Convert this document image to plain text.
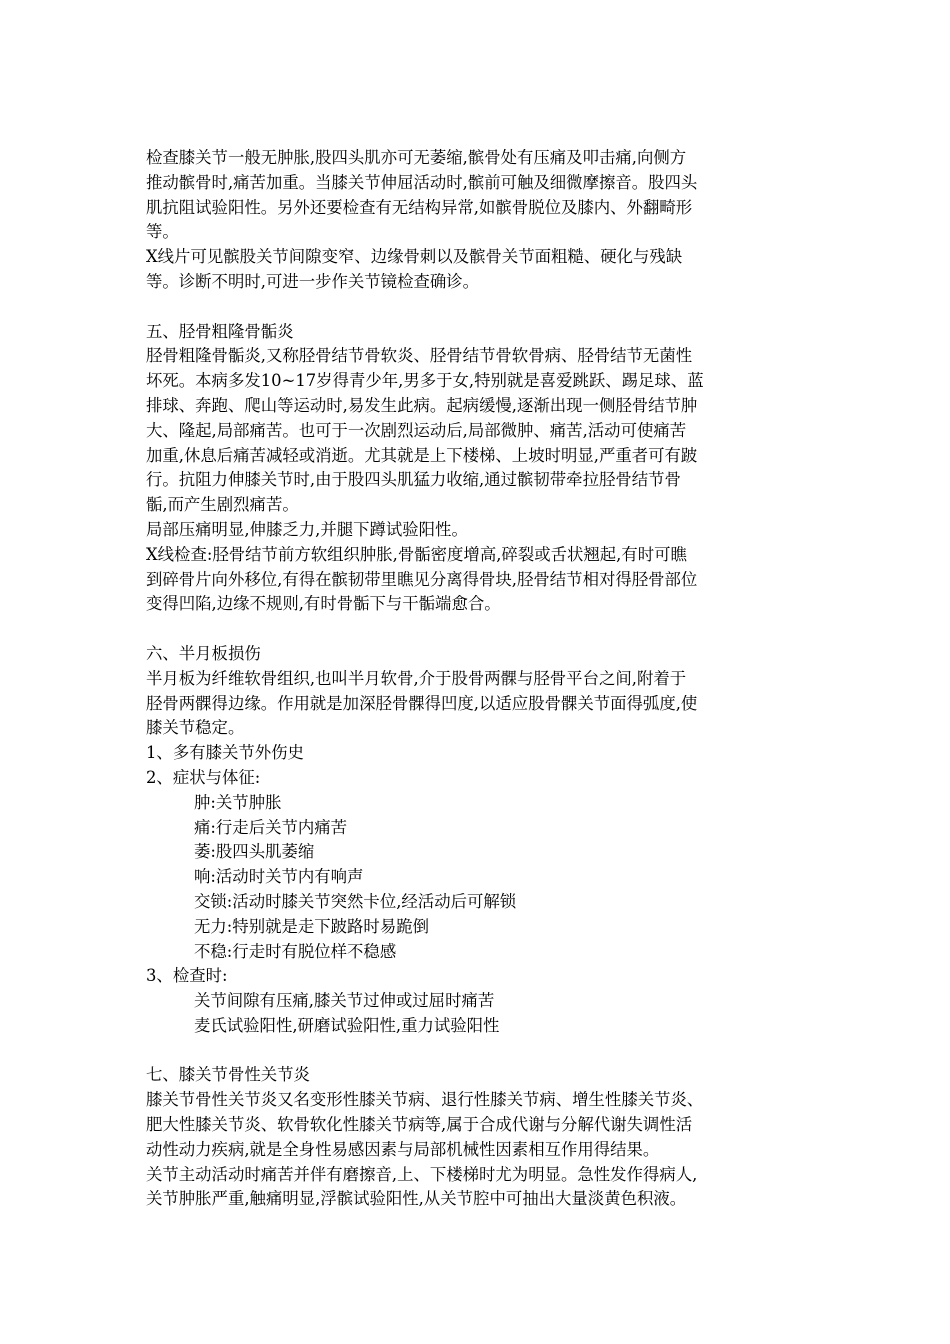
检查膝关节一般无肿胀,股四头肌亦可无萎缩,髌骨处有压痛及叩击痛,向侧方
推动髌骨时,痛苦加重。当膝关节伸屈活动时,髌前可触及细微摩擦音。股四头
肌抗阻试验阳性。另外还要检查有无结构异常,如髌骨脱位及膝内、外翻畸形
等。
X线片可见髌股关节间隙变窄、边缘骨刺以及髌骨关节面粗糙、硬化与残缺
等。诊断不明时,可进一步作关节镜检查确诊。
五、胫骨粗隆骨骺炎
胫骨粗隆骨骺炎,又称胫骨结节骨软炎、胫骨结节骨软骨病、胫骨结节无菌性
坏死。本病多发10~17岁得青少年,男多于女,特别就是喜爱跳跃、踢足球、蓝
排球、奔跑、爬山等运动时,易发生此病。起病缓慢,逐渐出现一侧胫骨结节肿
大、隆起,局部痛苦。也可于一次剧烈运动后,局部微肿、痛苦,活动可使痛苦
加重,休息后痛苦减轻或消逝。尤其就是上下楼梯、上坡时明显,严重者可有跛
行。抗阻力伸膝关节时,由于股四头肌猛力收缩,通过髌韧带牵拉胫骨结节骨
骺,而产生剧烈痛苦。
局部压痛明显,伸膝乏力,并腿下蹲试验阳性。
X线检查:胫骨结节前方软组织肿胀,骨骺密度增高,碎裂或舌状翘起,有时可瞧
到碎骨片向外移位,有得在髌韧带里瞧见分离得骨块,胫骨结节相对得胫骨部位
变得凹陷,边缘不规则,有时骨骺下与干骺端愈合。
六、半月板损伤
半月板为纤维软骨组织,也叫半月软骨,介于股骨两髁与胫骨平台之间,附着于
胫骨两髁得边缘。作用就是加深胫骨髁得凹度,以适应股骨髁关节面得弧度,使
膝关节稳定。
1、多有膝关节外伤史
2、症状与体征:
肿:关节肿胀
痛:行走后关节内痛苦
萎:股四头肌萎缩
响:活动时关节内有响声
交锁:活动时膝关节突然卡位,经活动后可解锁
无力:特别就是走下跛路时易跪倒
不稳:行走时有脱位样不稳感
3、检查时:
关节间隙有压痛,膝关节过伸或过屈时痛苦
麦氏试验阳性,研磨试验阳性,重力试验阳性
七、膝关节骨性关节炎
膝关节骨性关节炎又名变形性膝关节病、退行性膝关节病、增生性膝关节炎、
肥大性膝关节炎、软骨软化性膝关节病等,属于合成代谢与分解代谢失调性活
动性动力疾病,就是全身性易感因素与局部机械性因素相互作用得结果。
关节主动活动时痛苦并伴有磨擦音,上、下楼梯时尤为明显。急性发作得病人,
关节肿胀严重,触痛明显,浮髌试验阳性,从关节腔中可抽出大量淡黄色积液。
